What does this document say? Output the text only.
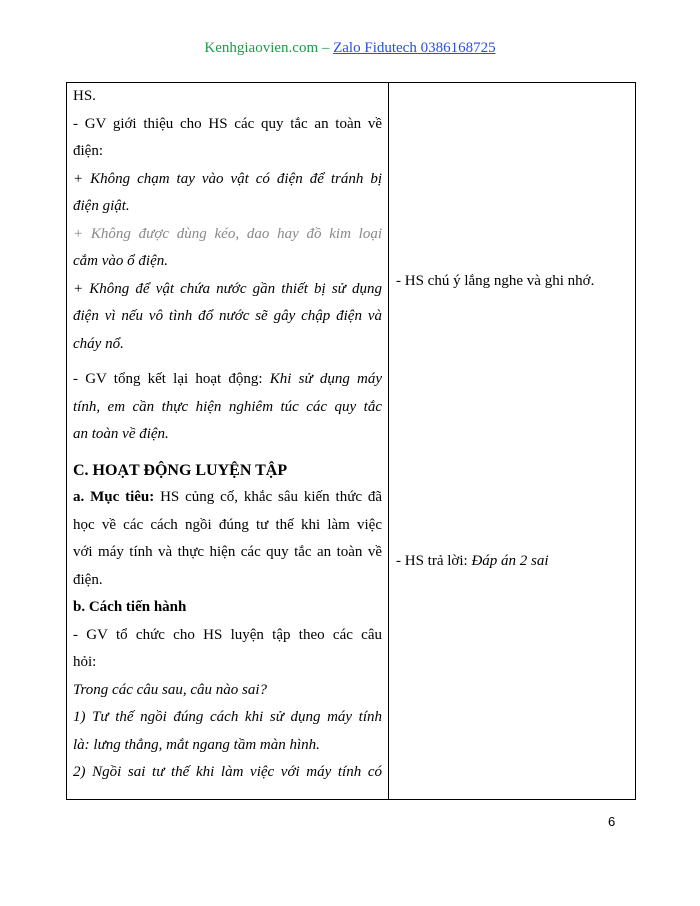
Kenhgiaovien.com – Zalo Fidutech 0386168725
HS.
- GV giới thiệu cho HS các quy tắc an toàn về
điện:
+ Không chạm tay vào vật có điện để tránh bị
điện giật.
+ Không được dùng kéo, dao hay đồ kim loại
cắm vào ổ điện.
+ Không để vật chứa nước gần thiết bị sử dụng
điện vì nếu vô tình đổ nước sẽ gây chập điện và
cháy nổ.
- GV tổng kết lại hoạt động: Khi sử dụng máy
tính, em cần thực hiện nghiêm túc các quy tắc
an toàn về điện.
C. HOẠT ĐỘNG LUYỆN TẬP
a. Mục tiêu: HS củng cố, khắc sâu kiến thức đã
học về các cách ngồi đúng tư thế khi làm việc
với máy tính và thực hiện các quy tắc an toàn về
điện.
b. Cách tiến hành
- GV tổ chức cho HS luyện tập theo các câu
hỏi:
Trong các câu sau, câu nào sai?
1) Tư thế ngồi đúng cách khi sử dụng máy tính
là: lưng thẳng, mắt ngang tầm màn hình.
2) Ngồi sai tư thế khi làm việc với máy tính có
- HS chú ý lắng nghe và ghi nhớ.
- HS trả lời: Đáp án 2 sai
6
